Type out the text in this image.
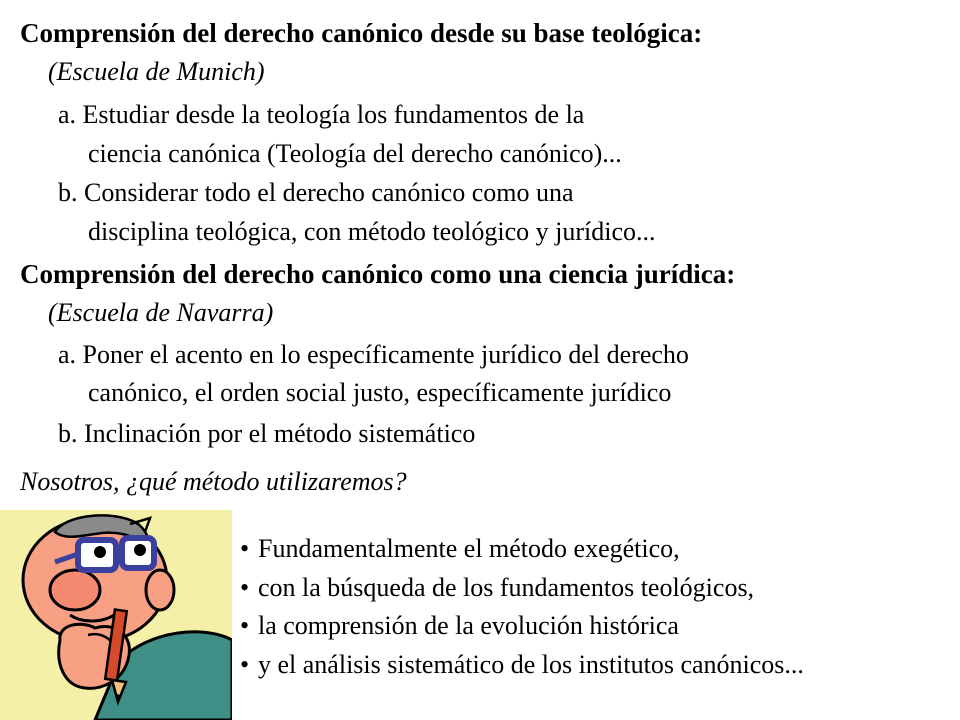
Comprensión del derecho canónico desde su base teológica:
(Escuela de Munich)
a. Estudiar desde la teología los fundamentos de la
ciencia canónica (Teología del derecho canónico)...
b. Considerar todo el derecho canónico como una
disciplina teológica, con método teológico y jurídico...
Comprensión del derecho canónico como una ciencia jurídica:
(Escuela de Navarra)
a. Poner el acento en lo específicamente jurídico del derecho
canónico, el orden social justo, específicamente jurídico
b. Inclinación por el método sistemático
Nosotros, ¿qué método utilizaremos?
• Fundamentalmente el método exegético,
• con la búsqueda de los fundamentos teológicos,
• la comprensión de la evolución histórica
• y el análisis sistemático de los institutos canónicos...
